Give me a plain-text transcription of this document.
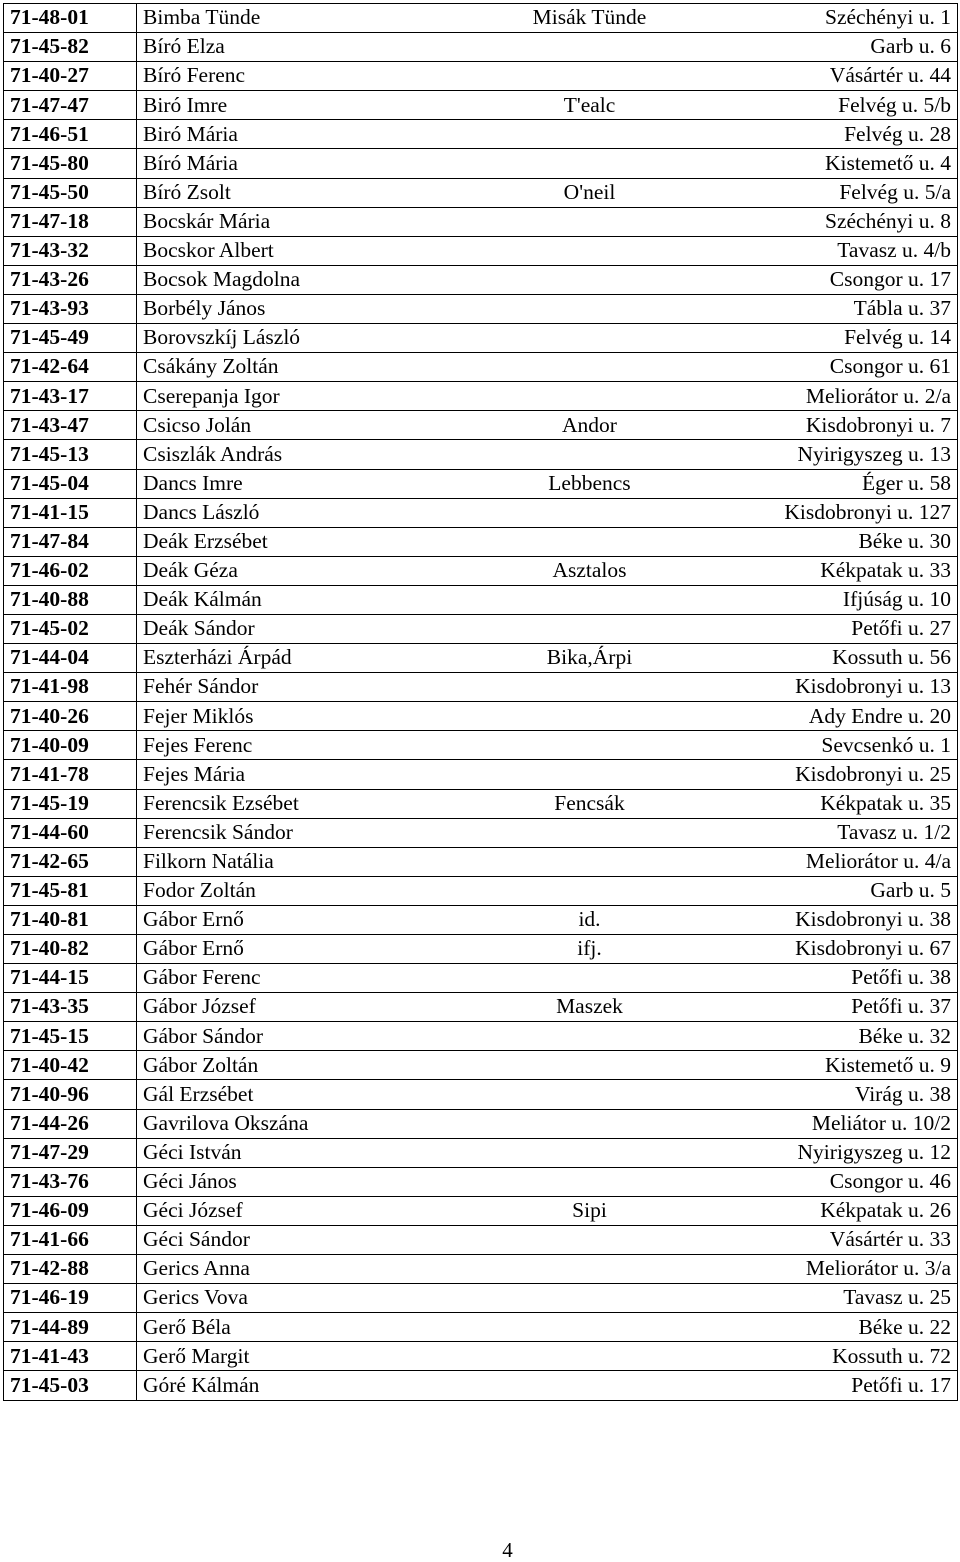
71-48-01	Bimba Tünde	Misák Tünde	Széchényi u. 1
71-45-82	Bíró Elza		Garb u. 6
71-40-27	Bíró Ferenc		Vásártér u. 44
71-47-47	Biró Imre	T'ealc	Felvég u. 5/b
71-46-51	Biró Mária		Felvég u. 28
71-45-80	Bíró Mária		Kistemető u. 4
71-45-50	Bíró Zsolt	O'neil	Felvég u. 5/a
71-47-18	Bocskár Mária		Széchényi u. 8
71-43-32	Bocskor Albert		Tavasz u. 4/b
71-43-26	Bocsok Magdolna		Csongor u. 17
71-43-93	Borbély János		Tábla u. 37
71-45-49	Borovszkíj László		Felvég u. 14
71-42-64	Csákány Zoltán		Csongor u. 61
71-43-17	Cserepanja Igor		Meliorátor u. 2/a
71-43-47	Csicso Jolán	Andor	Kisdobronyi u. 7
71-45-13	Csiszlák András		Nyirigyszeg u. 13
71-45-04	Dancs Imre	Lebbencs	Éger u. 58
71-41-15	Dancs László		Kisdobronyi u. 127
71-47-84	Deák Erzsébet		Béke u. 30
71-46-02	Deák Géza	Asztalos	Kékpatak u. 33
71-40-88	Deák Kálmán		Ifjúság u. 10
71-45-02	Deák Sándor		Petőfi u. 27
71-44-04	Eszterházi Árpád	Bika,Árpi	Kossuth u. 56
71-41-98	Fehér Sándor		Kisdobronyi u. 13
71-40-26	Fejer Miklós		Ady Endre u. 20
71-40-09	Fejes Ferenc		Sevcsenkó u. 1
71-41-78	Fejes Mária		Kisdobronyi u. 25
71-45-19	Ferencsik Ezsébet	Fencsák	Kékpatak u. 35
71-44-60	Ferencsik Sándor		Tavasz u. 1/2
71-42-65	Filkorn Natália		Meliorátor u. 4/a
71-45-81	Fodor Zoltán		Garb u. 5
71-40-81	Gábor Ernő	id.	Kisdobronyi u. 38
71-40-82	Gábor Ernő	ifj.	Kisdobronyi u. 67
71-44-15	Gábor Ferenc		Petőfi u. 38
71-43-35	Gábor József	Maszek	Petőfi u. 37
71-45-15	Gábor Sándor		Béke u. 32
71-40-42	Gábor Zoltán		Kistemető u. 9
71-40-96	Gál Erzsébet		Virág u. 38
71-44-26	Gavrilova Okszána		Meliátor u. 10/2
71-47-29	Géci István		Nyirigyszeg u. 12
71-43-76	Géci János		Csongor u. 46
71-46-09	Géci József	Sipi	Kékpatak u. 26
71-41-66	Géci Sándor		Vásártér u. 33
71-42-88	Gerics Anna		Meliorátor u. 3/a
71-46-19	Gerics Vova		Tavasz u. 25
71-44-89	Gerő Béla		Béke u. 22
71-41-43	Gerő Margit		Kossuth u. 72
71-45-03	Góré Kálmán		Petőfi u. 17
4
